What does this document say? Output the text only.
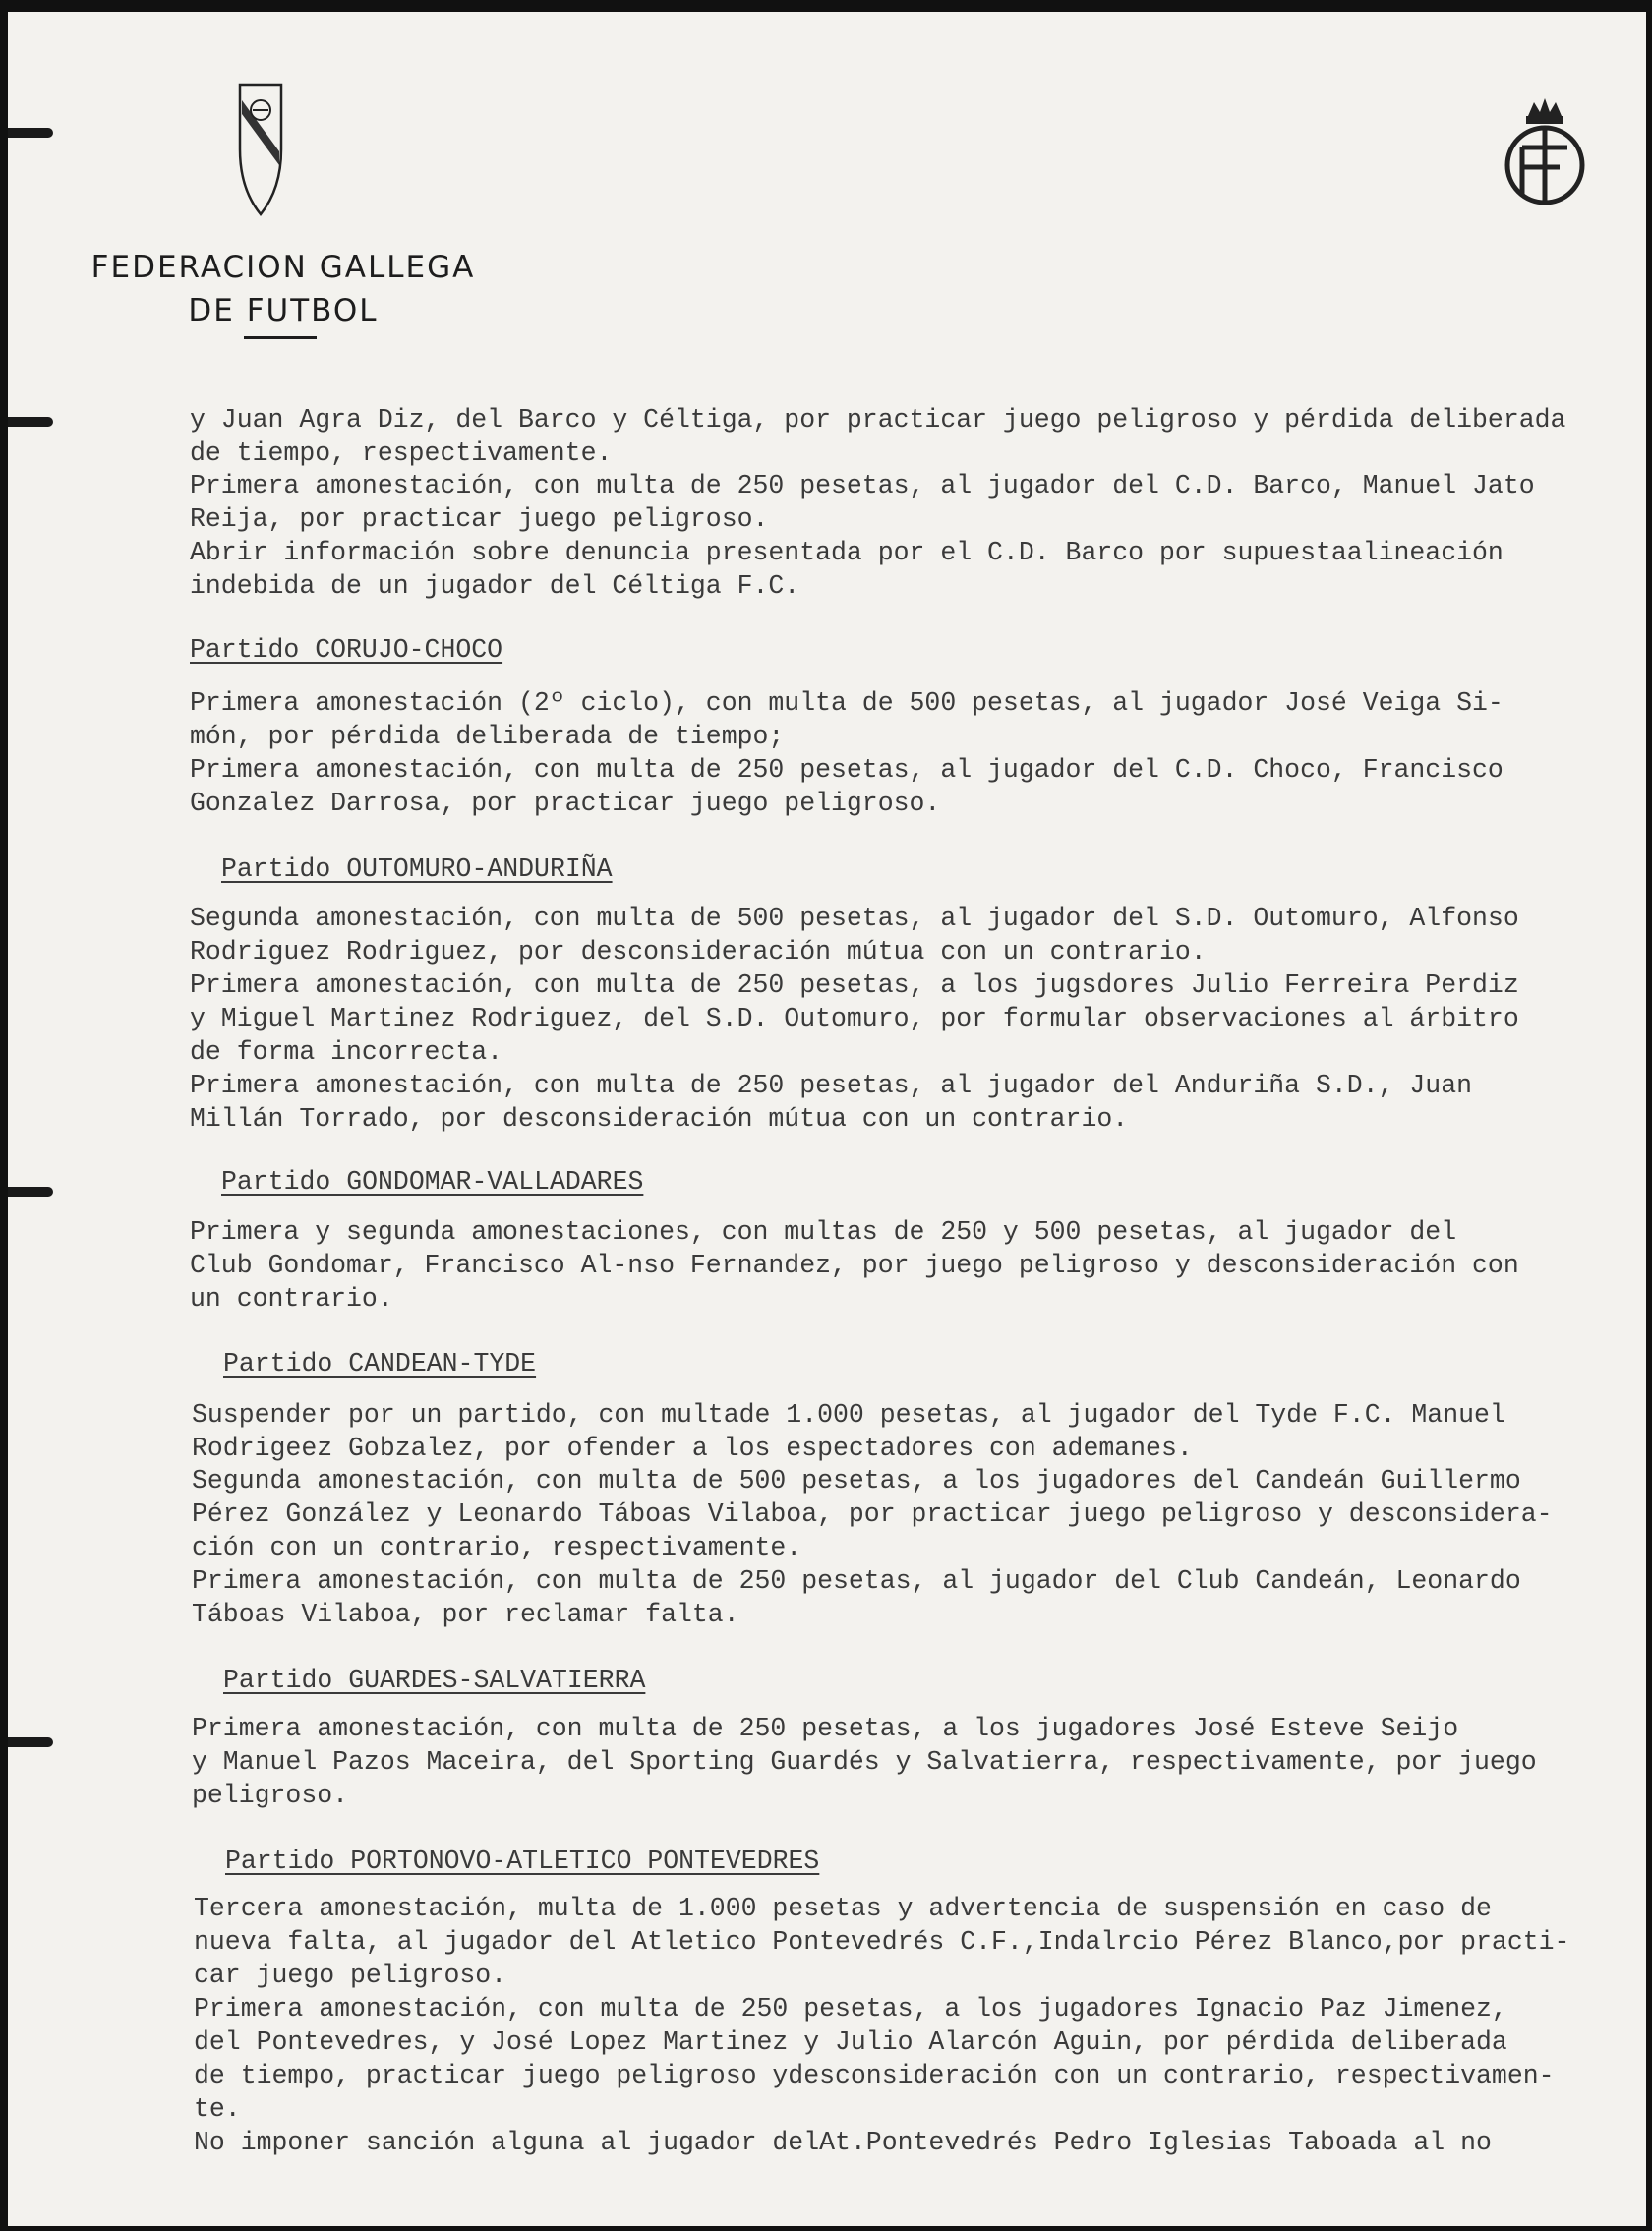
FEDERACION GALLEGA
DE FUTBOL
y Juan Agra Diz, del Barco y Céltiga, por practicar juego peligroso y pérdida deliberada
de tiempo, respectivamente.
Primera amonestación, con multa de 250 pesetas, al jugador del C.D. Barco, Manuel Jato
Reija, por practicar juego peligroso.
Abrir información sobre denuncia presentada por el C.D. Barco por supuestaalineación
indebida de un jugador del Céltiga F.C.
Partido CORUJO-CHOCO
Primera amonestación (2º ciclo), con multa de 500 pesetas, al jugador José Veiga Si-
món, por pérdida deliberada de tiempo;
Primera amonestación, con multa de 250 pesetas, al jugador del C.D. Choco, Francisco
Gonzalez Darrosa, por practicar juego peligroso.
Partido OUTOMURO-ANDURIÑA
Segunda amonestación, con multa de 500 pesetas, al jugador del S.D. Outomuro, Alfonso
Rodriguez Rodriguez, por desconsideración mútua con un contrario.
Primera amonestación, con multa de 250 pesetas, a los jugsdores Julio Ferreira Perdiz
y Miguel Martinez Rodriguez, del S.D. Outomuro, por formular observaciones al árbitro
de forma incorrecta.
Primera amonestación, con multa de 250 pesetas, al jugador del Anduriña S.D., Juan
Millán Torrado, por desconsideración mútua con un contrario.
Partido GONDOMAR-VALLADARES
Primera y segunda amonestaciones, con multas de 250 y 500 pesetas, al jugador del
Club Gondomar, Francisco Al-nso Fernandez, por juego peligroso y desconsideración con
un contrario.
Partido CANDEAN-TYDE
Suspender por un partido, con multade 1.000 pesetas, al jugador del Tyde F.C. Manuel
Rodrigeez Gobzalez, por ofender a los espectadores con ademanes.
Segunda amonestación, con multa de 500 pesetas, a los jugadores del Candeán Guillermo
Pérez González y Leonardo Táboas Vilaboa, por practicar juego peligroso y desconsidera-
ción con un contrario, respectivamente.
Primera amonestación, con multa de 250 pesetas, al jugador del Club Candeán, Leonardo
Táboas Vilaboa, por reclamar falta.
Partido GUARDES-SALVATIERRA
Primera amonestación, con multa de 250 pesetas, a los jugadores José Esteve Seijo
y Manuel Pazos Maceira, del Sporting Guardés y Salvatierra, respectivamente, por juego
peligroso.
Partido PORTONOVO-ATLETICO PONTEVEDRES
Tercera amonestación, multa de 1.000 pesetas y advertencia de suspensión en caso de
nueva falta, al jugador del Atletico Pontevedrés C.F.,Indalrcio Pérez Blanco,por practi-
car juego peligroso.
Primera amonestación, con multa de 250 pesetas, a los jugadores Ignacio Paz Jimenez,
del Pontevedres, y José Lopez Martinez y Julio Alarcón Aguin, por pérdida deliberada
de tiempo, practicar juego peligroso ydesconsideración con un contrario, respectivamen-
te.
No imponer sanción alguna al jugador delAt.Pontevedrés Pedro Iglesias Taboada al no
